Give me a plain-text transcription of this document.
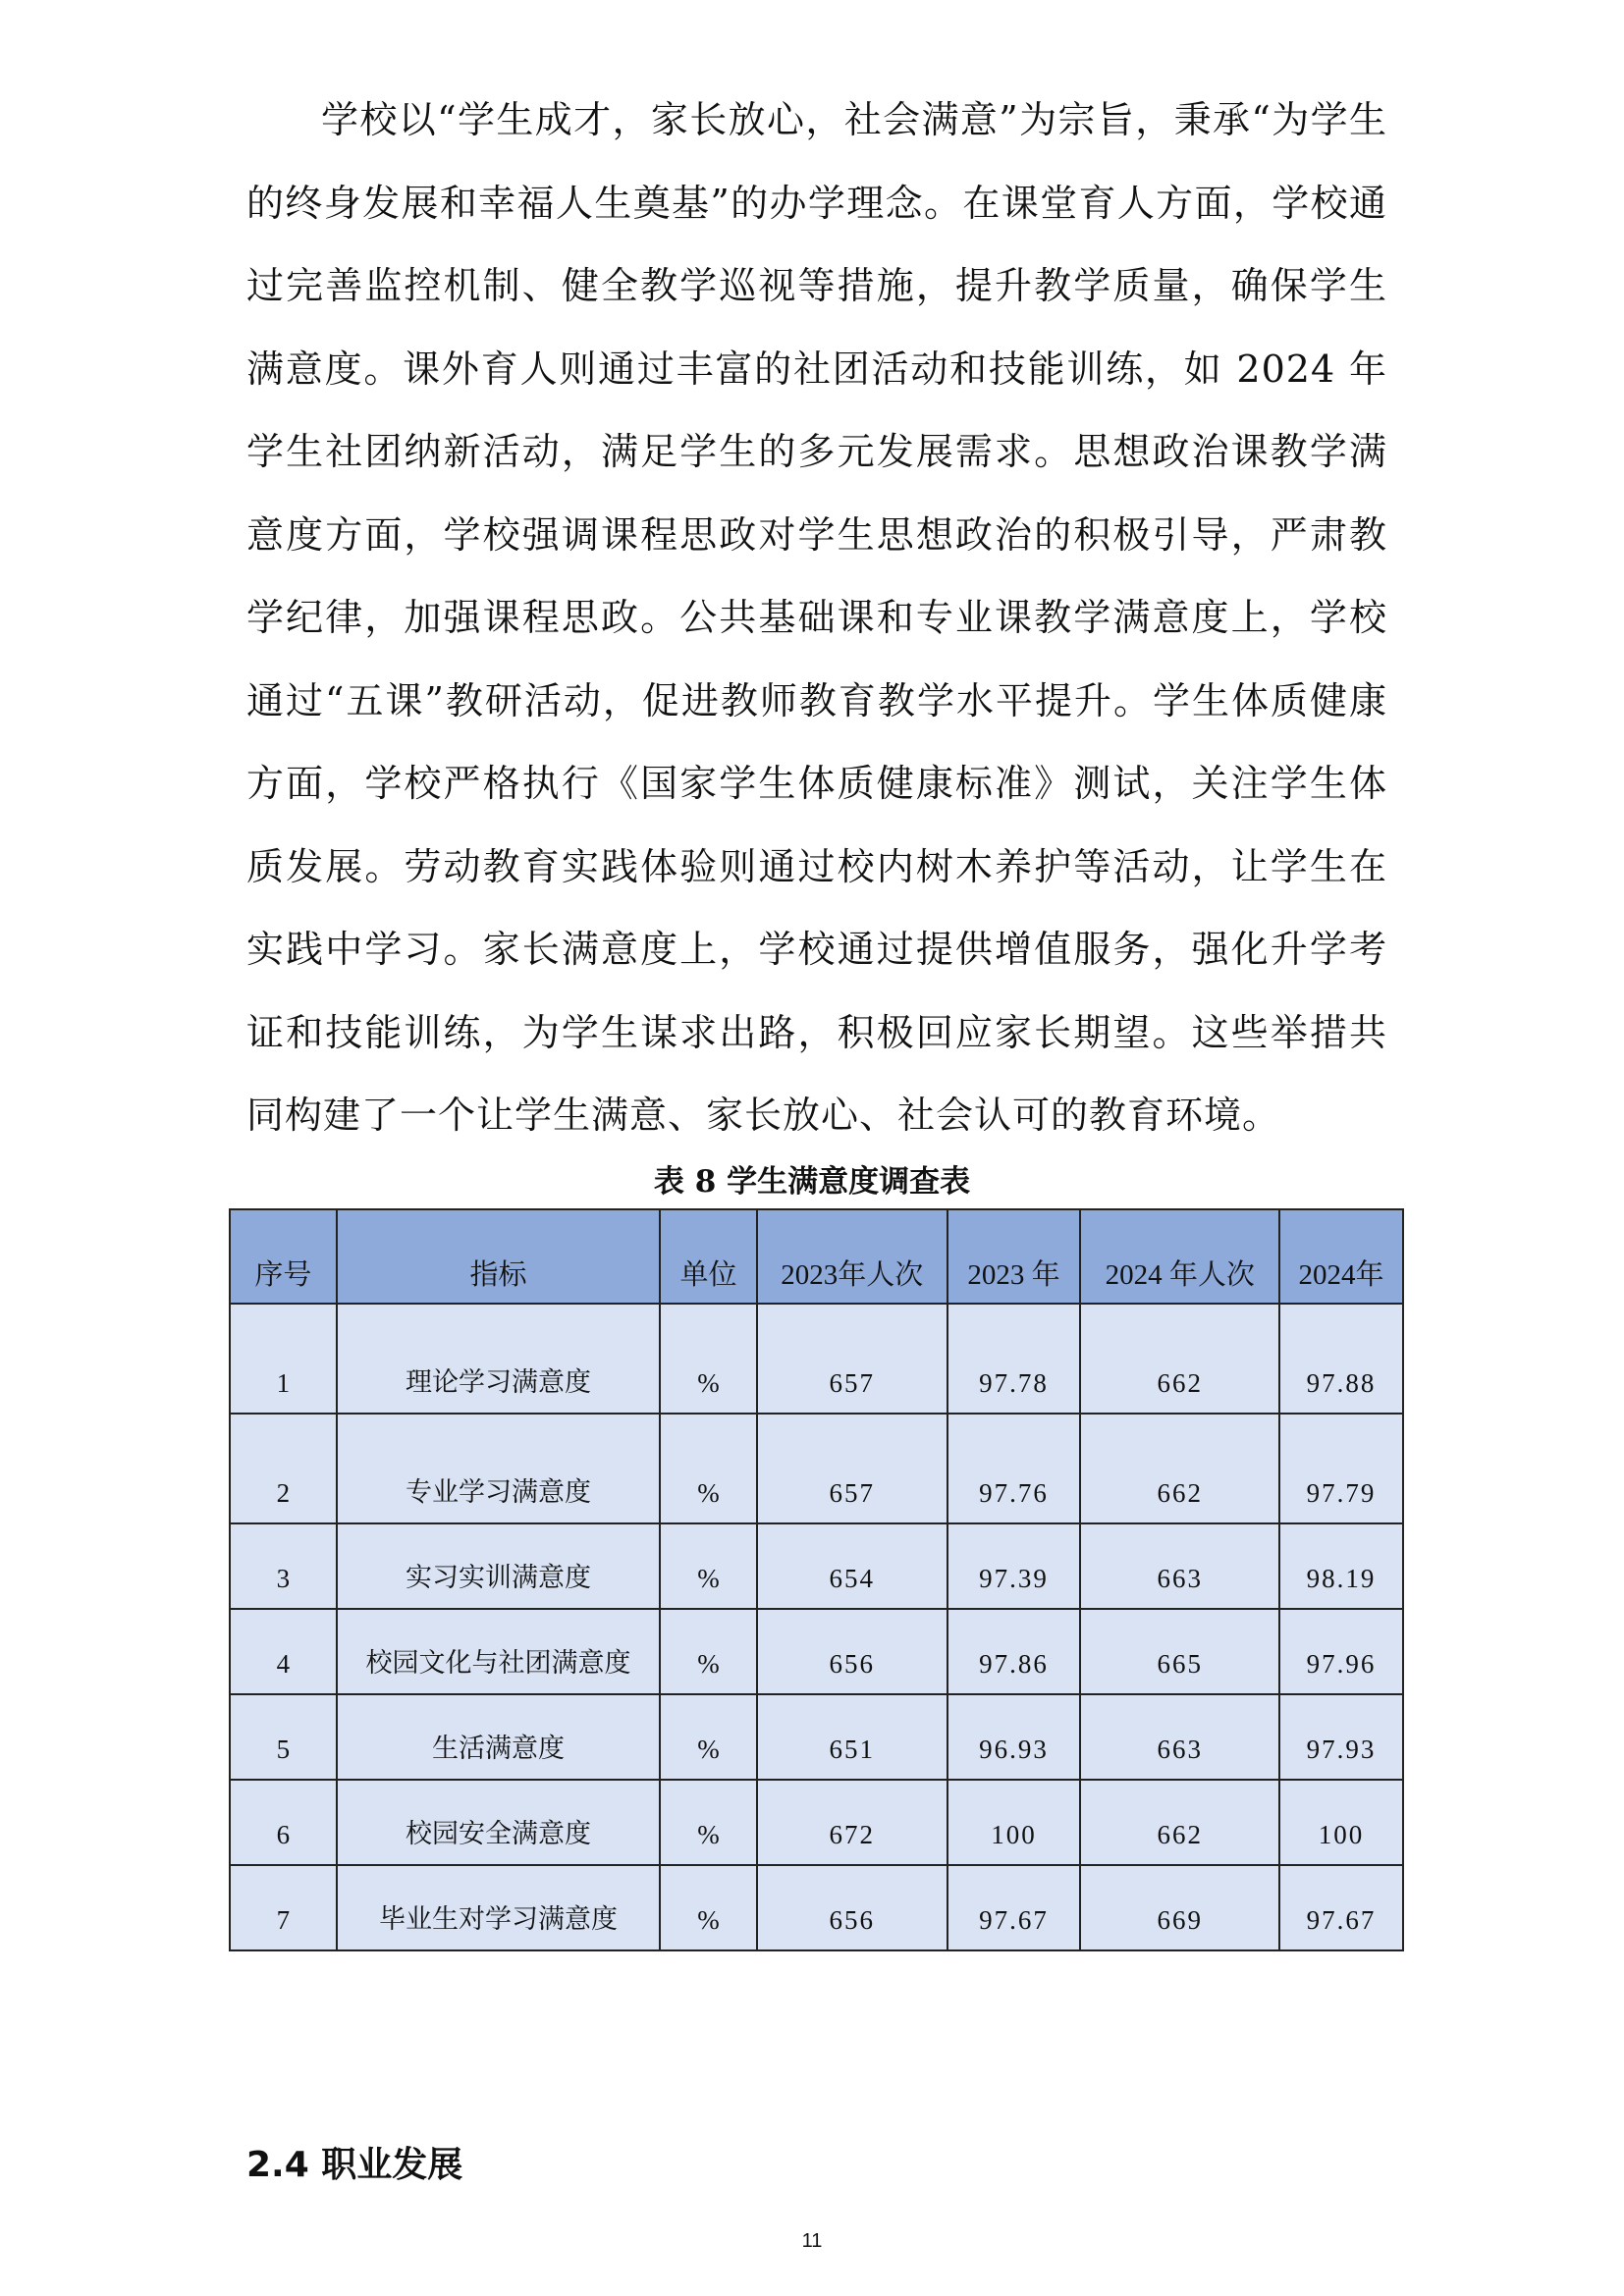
学校以“学生成才，家长放心，社会满意”为宗旨，秉承“为学生的终身发展和幸福人生奠基”的办学理念。在课堂育人方面，学校通过完善监控机制、健全教学巡视等措施，提升教学质量，确保学生满意度。课外育人则通过丰富的社团活动和技能训练，如 2024 年学生社团纳新活动，满足学生的多元发展需求。思想政治课教学满意度方面，学校强调课程思政对学生思想政治的积极引导，严肃教学纪律，加强课程思政。公共基础课和专业课教学满意度上，学校通过“五课”教研活动，促进教师教育教学水平提升。学生体质健康方面，学校严格执行《国家学生体质健康标准》测试，关注学生体质发展。劳动教育实践体验则通过校内树木养护等活动，让学生在实践中学习。家长满意度上，学校通过提供增值服务，强化升学考证和技能训练，为学生谋求出路，积极回应家长期望。这些举措共同构建了一个让学生满意、家长放心、社会认可的教育环境。

表 8 学生满意度调查表

序号	指标	单位	2023年人次	2023 年	2024 年人次	2024年
1	理论学习满意度	%	657	97.78	662	97.88
2	专业学习满意度	%	657	97.76	662	97.79
3	实习实训满意度	%	654	97.39	663	98.19
4	校园文化与社团满意度	%	656	97.86	665	97.96
5	生活满意度	%	651	96.93	663	97.93
6	校园安全满意度	%	672	100	662	100
7	毕业生对学习满意度	%	656	97.67	669	97.67
2.4 职业发展

11
